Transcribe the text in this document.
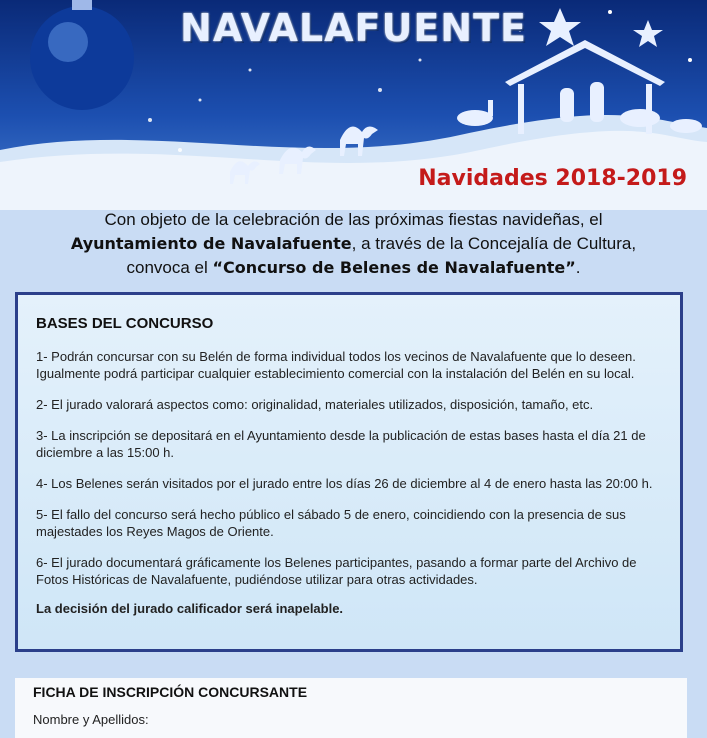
NAVALAFUENTE
Navidades 2018-2019
Con objeto de la celebración de las próximas fiestas navideñas, el
Ayuntamiento de Navalafuente, a través de la Concejalía de Cultura,
convoca el “Concurso de Belenes de Navalafuente”.
BASES DEL CONCURSO

1- Podrán concursar con su Belén de forma individual todos los vecinos de Navalafuente que lo deseen. Igualmente podrá participar cualquier establecimiento comercial con la instalación del Belén en su local.

2- El jurado valorará aspectos como: originalidad, materiales utilizados, disposición, tamaño, etc.

3- La inscripción se depositará en el Ayuntamiento desde la publicación de estas bases hasta el día 21 de diciembre a las 15:00 h.

4- Los Belenes serán visitados por el jurado entre los días 26 de diciembre al 4 de enero hasta las 20:00 h.

5- El fallo del concurso será hecho público el sábado 5 de enero, coincidiendo con la presencia de sus majestades los Reyes Magos de Oriente.

6- El jurado documentará gráficamente los Belenes participantes, pasando a formar parte del Archivo de Fotos Históricas de Navalafuente, pudiéndose utilizar para otras actividades.

La decisión del jurado calificador será inapelable.

FICHA DE INSCRIPCIÓN CONCURSANTE
Nombre y Apellidos:
